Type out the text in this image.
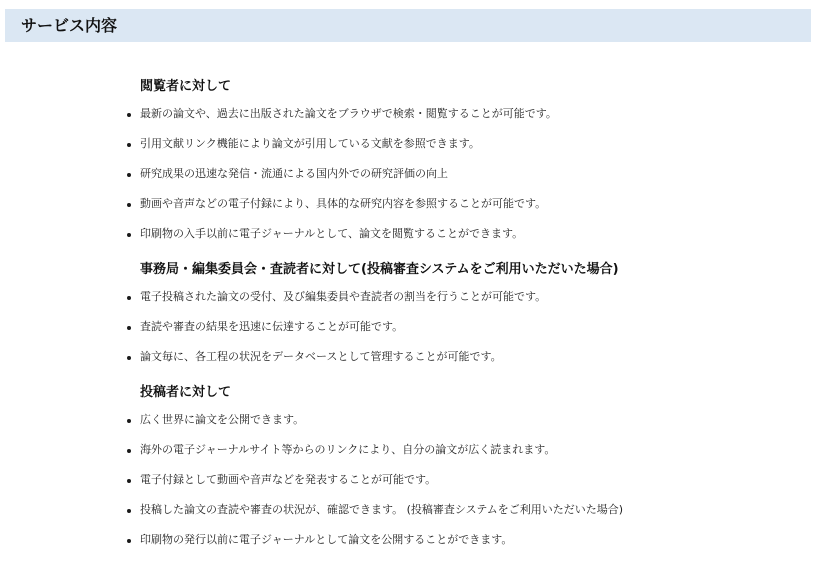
サービス内容
閲覧者に対して
最新の論文や、過去に出版された論文をブラウザで検索・閲覧することが可能です。
引用文献リンク機能により論文が引用している文献を参照できます。
研究成果の迅速な発信・流通による国内外での研究評価の向上
動画や音声などの電子付録により、具体的な研究内容を参照することが可能です。
印刷物の入手以前に電子ジャーナルとして、論文を閲覧することができます。
事務局・編集委員会・査読者に対して(投稿審査システムをご利用いただいた場合)
電子投稿された論文の受付、及び編集委員や査読者の割当を行うことが可能です。
査読や審査の結果を迅速に伝達することが可能です。
論文毎に、各工程の状況をデータベースとして管理することが可能です。
投稿者に対して
広く世界に論文を公開できます。
海外の電子ジャーナルサイト等からのリンクにより、自分の論文が広く読まれます。
電子付録として動画や音声などを発表することが可能です。
投稿した論文の査読や審査の状況が、確認できます。 (投稿審査システムをご利用いただいた場合)
印刷物の発行以前に電子ジャーナルとして論文を公開することができます。
